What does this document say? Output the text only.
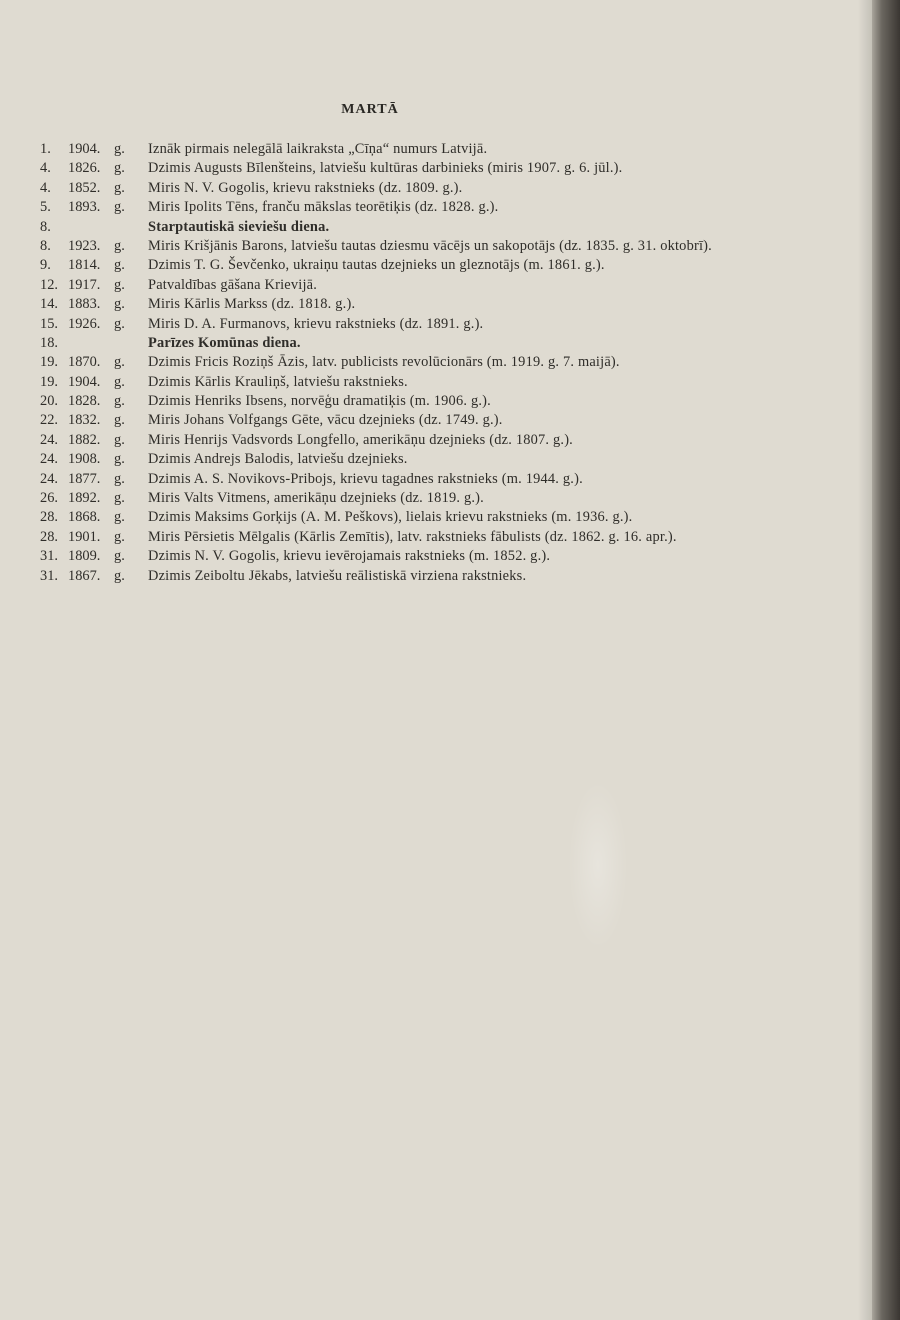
MARTĀ
1.	1904. g.	Iznāk pirmais nelegālā laikraksta „Cīņa“ numurs Latvijā.
4.	1826. g.	Dzimis Augusts Bīlenšteins, latviešu kultūras darbinieks (miris 1907. g. 6. jūl.).
4.	1852. g.	Miris N. V. Gogolis, krievu rakstnieks (dz. 1809. g.).
5.	1893. g.	Miris Ipolits Tēns, franču mākslas teorētiķis (dz. 1828. g.).
8.	Starptautiskā sieviešu diena.
8.	1923. g.	Miris Krišjānis Barons, latviešu tautas dziesmu vācējs un sakopotājs (dz. 1835. g. 31. oktobrī).
9.	1814. g.	Dzimis T. G. Ševčenko, ukraiņu tautas dzejnieks un gleznotājs (m. 1861. g.).
12. 1917. g.	Patvaldības gāšana Krievijā.
14. 1883. g.	Miris Kārlis Markss (dz. 1818. g.).
15. 1926. g.	Miris D. A. Furmanovs, krievu rakstnieks (dz. 1891. g.).
18.	Parīzes Komūnas diena.
19. 1870. g.	Dzimis Fricis Roziņš Āzis, latv. publicists revolūcionārs (m. 1919. g. 7. maijā).
19. 1904. g.	Dzimis Kārlis Krauliņš, latviešu rakstnieks.
20. 1828. g.	Dzimis Henriks Ibsens, norvēģu dramatiķis (m. 1906. g.).
22. 1832. g.	Miris Johans Volfgangs Gēte, vācu dzejnieks (dz. 1749. g.).
24. 1882. g.	Miris Henrijs Vadsvords Longfello, amerikāņu dzejnieks (dz. 1807. g.).
24. 1908. g.	Dzimis Andrejs Balodis, latviešu dzejnieks.
24. 1877. g.	Dzimis A. S. Novikovs-Pribojs, krievu tagadnes rakstnieks (m. 1944. g.).
26. 1892. g.	Miris Valts Vitmens, amerikāņu dzejnieks (dz. 1819. g.).
28. 1868. g.	Dzimis Maksims Gorķijs (A. M. Peškovs), lielais krievu rakstnieks (m. 1936. g.).
28. 1901. g.	Miris Pērsietis Mēlgalis (Kārlis Zemītis), latv. rakstnieks fābulists (dz. 1862. g. 16. apr.).
31. 1809. g.	Dzimis N. V. Gogolis, krievu ievērojamais rakstnieks (m. 1852. g.).
31. 1867. g.	Dzimis Zeiboltu Jēkabs, latviešu reālistiskā virziena rakstnieks.
